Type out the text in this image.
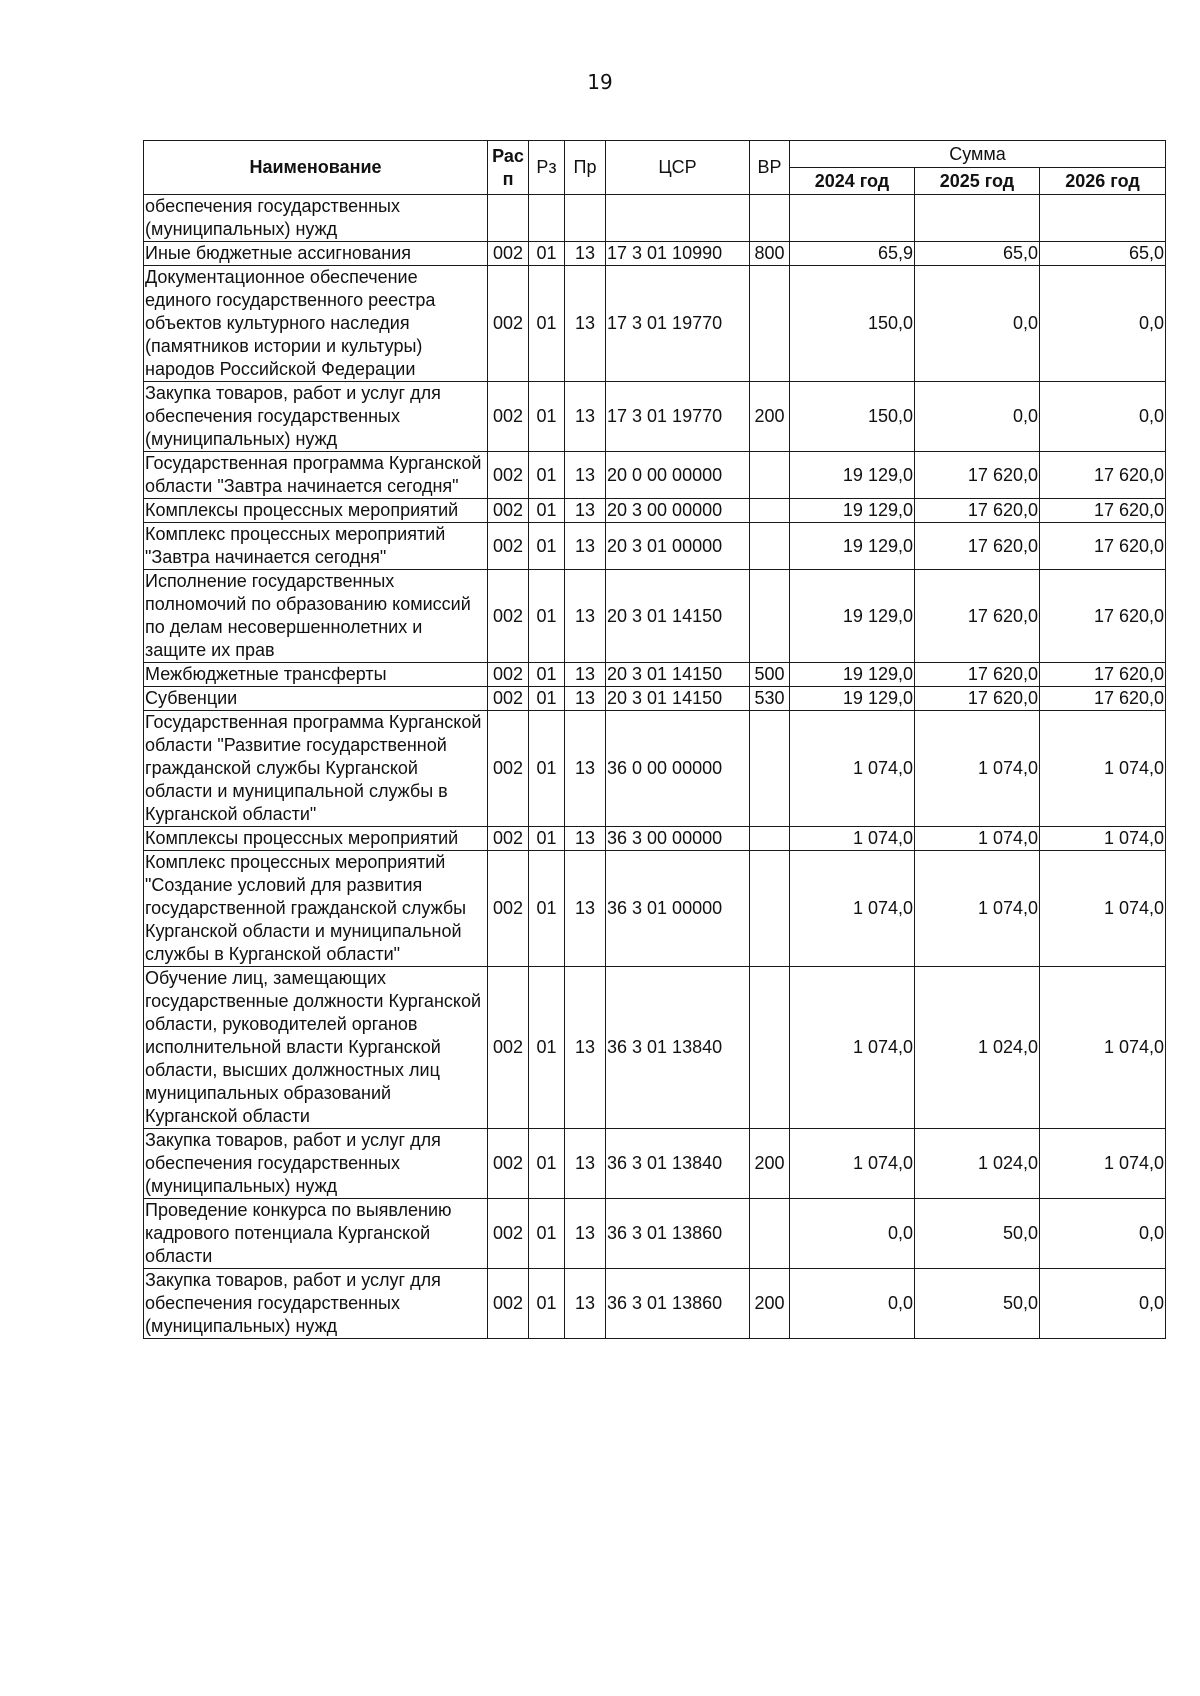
19
Наименование	Рас п	Рз	Пр	ЦСР	ВР	Сумма		
						2024 год	2025 год	2026 год
обеспечения государственных (муниципальных) нужд								
Иные бюджетные ассигнования	002	01	13	17 3 01 10990	800	65,9	65,0	65,0
Документационное обеспечение единого государственного реестра объектов культурного наследия (памятников истории и культуры) народов Российской Федерации	002	01	13	17 3 01 19770		150,0	0,0	0,0
Закупка товаров, работ и услуг для обеспечения государственных (муниципальных) нужд	002	01	13	17 3 01 19770	200	150,0	0,0	0,0
Государственная программа Курганской области "Завтра начинается сегодня"	002	01	13	20 0 00 00000		19 129,0	17 620,0	17 620,0
Комплексы процессных мероприятий	002	01	13	20 3 00 00000		19 129,0	17 620,0	17 620,0
Комплекс процессных мероприятий "Завтра начинается сегодня"	002	01	13	20 3 01 00000		19 129,0	17 620,0	17 620,0
Исполнение государственных полномочий по образованию комиссий по делам несовершеннолетних и защите их прав	002	01	13	20 3 01 14150		19 129,0	17 620,0	17 620,0
Межбюджетные трансферты	002	01	13	20 3 01 14150	500	19 129,0	17 620,0	17 620,0
Субвенции	002	01	13	20 3 01 14150	530	19 129,0	17 620,0	17 620,0
Государственная программа Курганской области "Развитие государственной гражданской службы Курганской области и муниципальной службы в Курганской области"	002	01	13	36 0 00 00000		1 074,0	1 074,0	1 074,0
Комплексы процессных мероприятий	002	01	13	36 3 00 00000		1 074,0	1 074,0	1 074,0
Комплекс процессных мероприятий "Создание условий для развития государственной гражданской службы Курганской области и муниципальной службы в Курганской области"	002	01	13	36 3 01 00000		1 074,0	1 074,0	1 074,0
Обучение лиц, замещающих государственные должности Курганской области, руководителей органов исполнительной власти Курганской области, высших должностных лиц муниципальных образований Курганской области	002	01	13	36 3 01 13840		1 074,0	1 024,0	1 074,0
Закупка товаров, работ и услуг для обеспечения государственных (муниципальных) нужд	002	01	13	36 3 01 13840	200	1 074,0	1 024,0	1 074,0
Проведение конкурса по выявлению кадрового потенциала Курганской области	002	01	13	36 3 01 13860		0,0	50,0	0,0
Закупка товаров, работ и услуг для обеспечения государственных (муниципальных) нужд	002	01	13	36 3 01 13860	200	0,0	50,0	0,0
